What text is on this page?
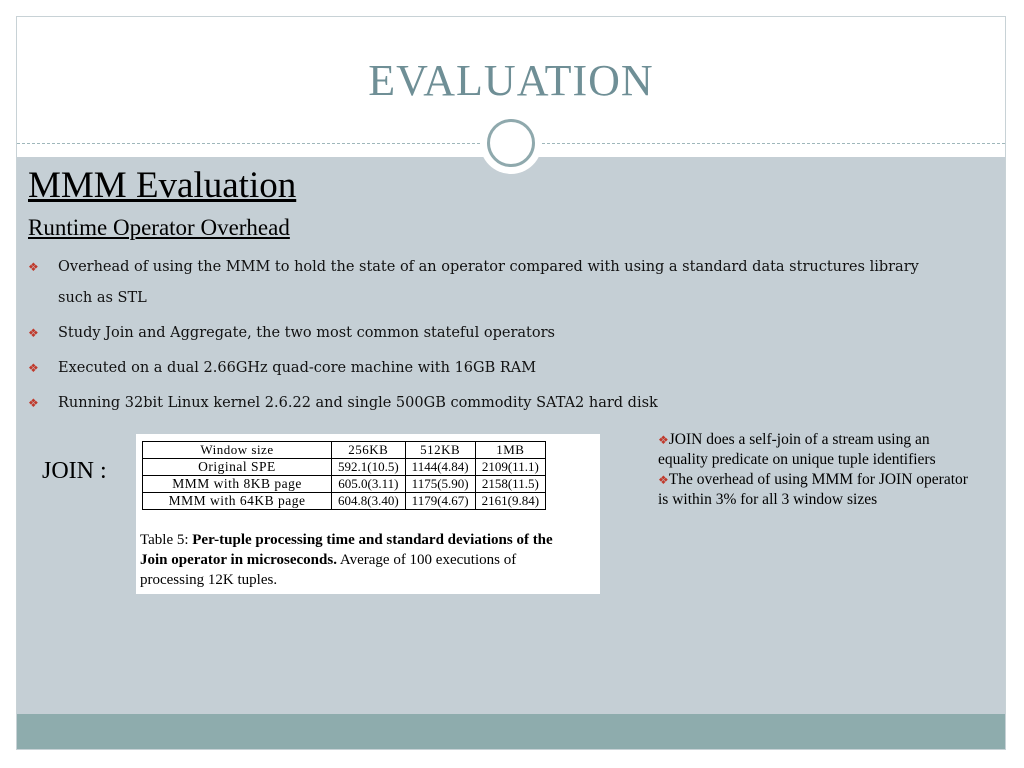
EVALUATION
MMM Evaluation
Runtime Operator Overhead
❖ Overhead of using the MMM to hold the state of an operator compared with using a standard data structures library such as STL
❖ Study Join and Aggregate, the two most common stateful operators
❖ Executed on a dual 2.66GHz quad-core machine with 16GB RAM
❖ Running 32bit Linux kernel 2.6.22 and single 500GB commodity SATA2 hard disk
JOIN :
Window size	256KB	512KB	1MB
Original SPE	592.1(10.5)	1144(4.84)	2109(11.1)
MMM with 8KB page	605.0(3.11)	1175(5.90)	2158(11.5)
MMM with 64KB page	604.8(3.40)	1179(4.67)	2161(9.84)
Table 5: Per-tuple processing time and standard deviations of the Join operator in microseconds. Average of 100 executions of processing 12K tuples.

❖JOIN does a self-join of a stream using an equality predicate on unique tuple identifiers

❖The overhead of using MMM for JOIN operator is within 3% for all 3 window sizes
